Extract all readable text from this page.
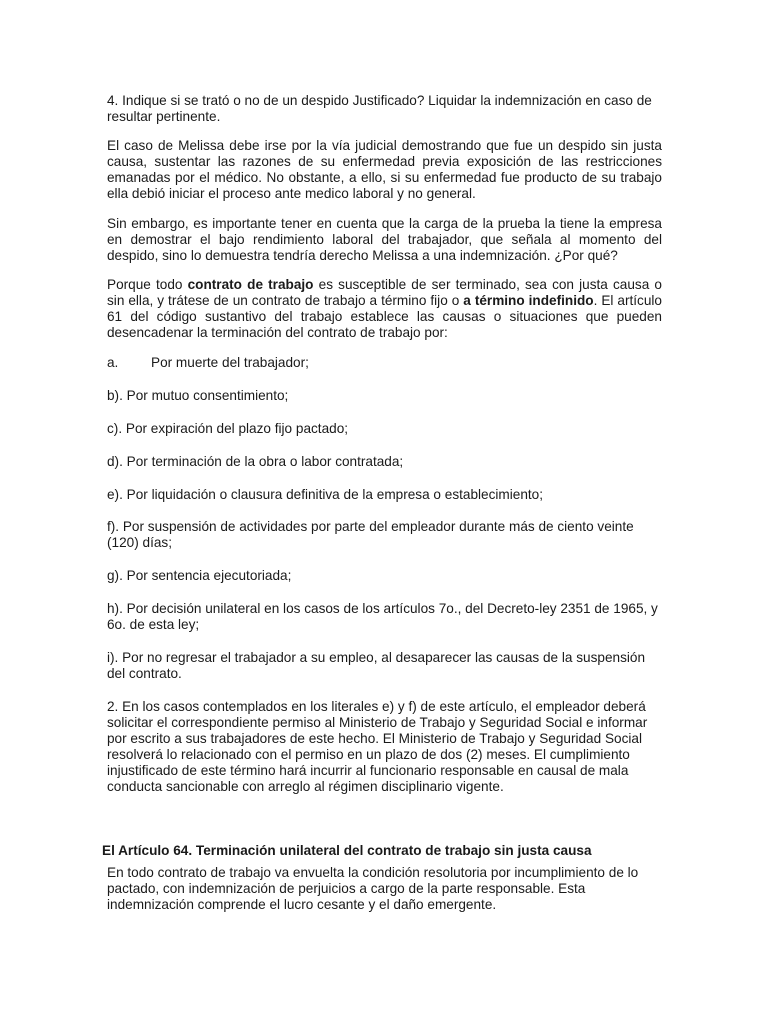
4. Indique si se trató o no de un despido Justificado? Liquidar la indemnización en caso de resultar pertinente.

El caso de Melissa debe irse por la vía judicial demostrando que fue un despido sin justa causa, sustentar las razones de su enfermedad previa exposición de las restricciones emanadas por el médico. No obstante, a ello, si su enfermedad fue producto de su trabajo ella debió iniciar el proceso ante medico laboral y no general.

Sin embargo, es importante tener en cuenta que la carga de la prueba la tiene la empresa en demostrar el bajo rendimiento laboral del trabajador, que señala al momento del despido, sino lo demuestra tendría derecho Melissa a una indemnización. ¿Por qué?

Porque todo contrato de trabajo es susceptible de ser terminado, sea con justa causa o sin ella, y trátese de un contrato de trabajo a término fijo o a término indefinido. El artículo 61 del código sustantivo del trabajo establece las causas o situaciones que pueden desencadenar la terminación del contrato de trabajo por:

a. Por muerte del trabajador;

b). Por mutuo consentimiento;

c). Por expiración del plazo fijo pactado;

d). Por terminación de la obra o labor contratada;

e). Por liquidación o clausura definitiva de la empresa o establecimiento;

f). Por suspensión de actividades por parte del empleador durante más de ciento veinte (120) días;

g). Por sentencia ejecutoriada;

h). Por decisión unilateral en los casos de los artículos 7o., del Decreto-ley 2351 de 1965, y 6o. de esta ley;

i). Por no regresar el trabajador a su empleo, al desaparecer las causas de la suspensión del contrato.

2. En los casos contemplados en los literales e) y f) de este artículo, el empleador deberá solicitar el correspondiente permiso al Ministerio de Trabajo y Seguridad Social e informar por escrito a sus trabajadores de este hecho. El Ministerio de Trabajo y Seguridad Social resolverá lo relacionado con el permiso en un plazo de dos (2) meses. El cumplimiento injustificado de este término hará incurrir al funcionario responsable en causal de mala conducta sancionable con arreglo al régimen disciplinario vigente.

El Artículo 64. Terminación unilateral del contrato de trabajo sin justa causa

En todo contrato de trabajo va envuelta la condición resolutoria por incumplimiento de lo pactado, con indemnización de perjuicios a cargo de la parte responsable. Esta indemnización comprende el lucro cesante y el daño emergente.
